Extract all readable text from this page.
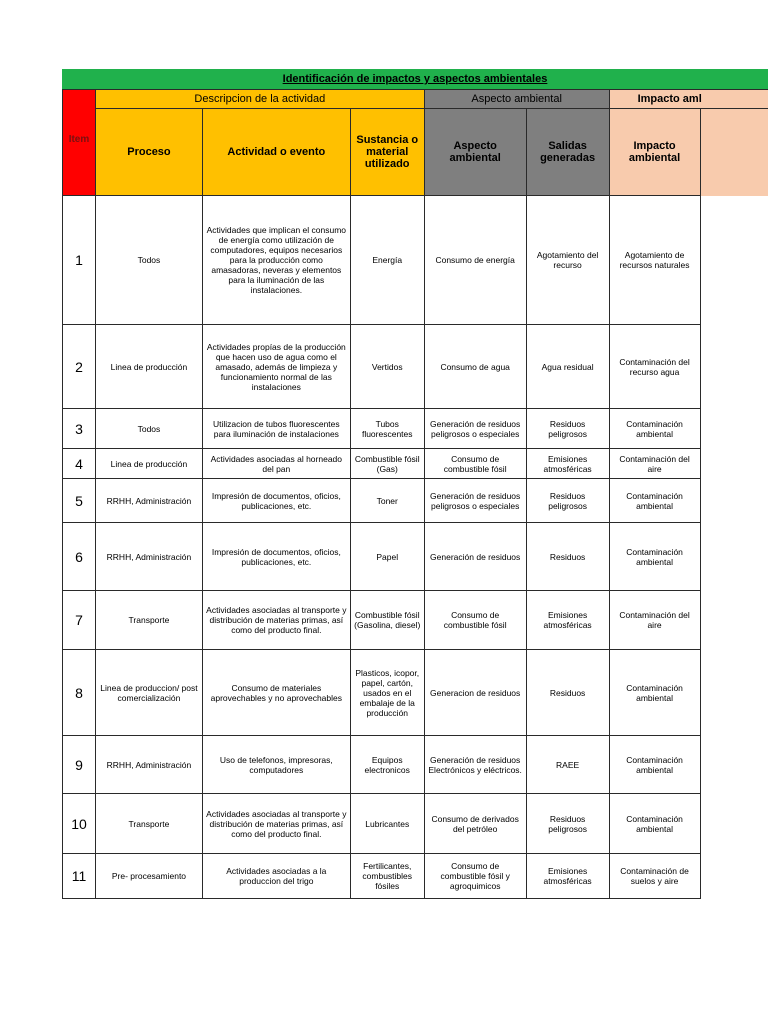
Identificación de impactos y aspectos ambientales
Item	Descripcion de la actividad			Aspecto ambiental		Impacto aml	
	Proceso	Actividad o evento	Sustancia o material utilizado	Aspecto ambiental	Salidas generadas	Impacto ambiental	
1	Todos	Actividades que implican el consumo de energía como utilización de computadores, equipos necesarios para la producción como amasadoras, neveras y elementos para la iluminación de las instalaciones.	Energía	Consumo de energía	Agotamiento del recurso	Agotamiento de recursos naturales	
2	Linea de producción	Actividades propías de la producción que hacen uso de agua como el amasado, además de limpieza y funcionamiento normal de las instalaciones	Vertidos	Consumo de agua	Agua residual	Contaminación del recurso agua	
3	Todos	Utilizacion de tubos fluorescentes para iluminación de instalaciones	Tubos fluorescentes	Generación de residuos peligrosos o especiales	Residuos peligrosos	Contaminación ambiental	
4	Linea de producción	Actividades asociadas al horneado del pan	Combustible fósil (Gas)	Consumo de combustible fósil	Emisiones atmosféricas	Contaminación del aire	
5	RRHH, Administración	Impresión de documentos, oficios, publicaciones, etc.	Toner	Generación de residuos peligrosos o especiales	Residuos peligrosos	Contaminación ambiental	
6	RRHH, Administración	Impresión de documentos, oficios, publicaciones, etc.	Papel	Generación de residuos	Residuos	Contaminación ambiental	
7	Transporte	Actividades asociadas al transporte y distribución de materias primas, así como del producto final.	Combustible fósil (Gasolina, diesel)	Consumo de combustible fósil	Emisiones atmosféricas	Contaminación del aire	
8	Linea de produccion/ post comercialización	Consumo de materiales aprovechables y no aprovechables	Plasticos, icopor, papel, cartón, usados en el embalaje de la producción	Generacion de residuos	Residuos	Contaminación ambiental	
9	RRHH, Administración	Uso de telefonos, impresoras, computadores	Equipos electronicos	Generación de residuos Electrónicos y eléctricos.	RAEE	Contaminación ambiental	
10	Transporte	Actividades asociadas al transporte y distribución de materias primas, así como del producto final.	Lubricantes	Consumo de derivados del petróleo	Residuos peligrosos	Contaminación ambiental	
11	Pre- procesamiento	Actividades asociadas a la produccion del trigo	Fertilicantes, combustibles fósiles	Consumo de combustible fósil y agroquimicos	Emisiones atmosféricas	Contaminación de suelos y aire	
